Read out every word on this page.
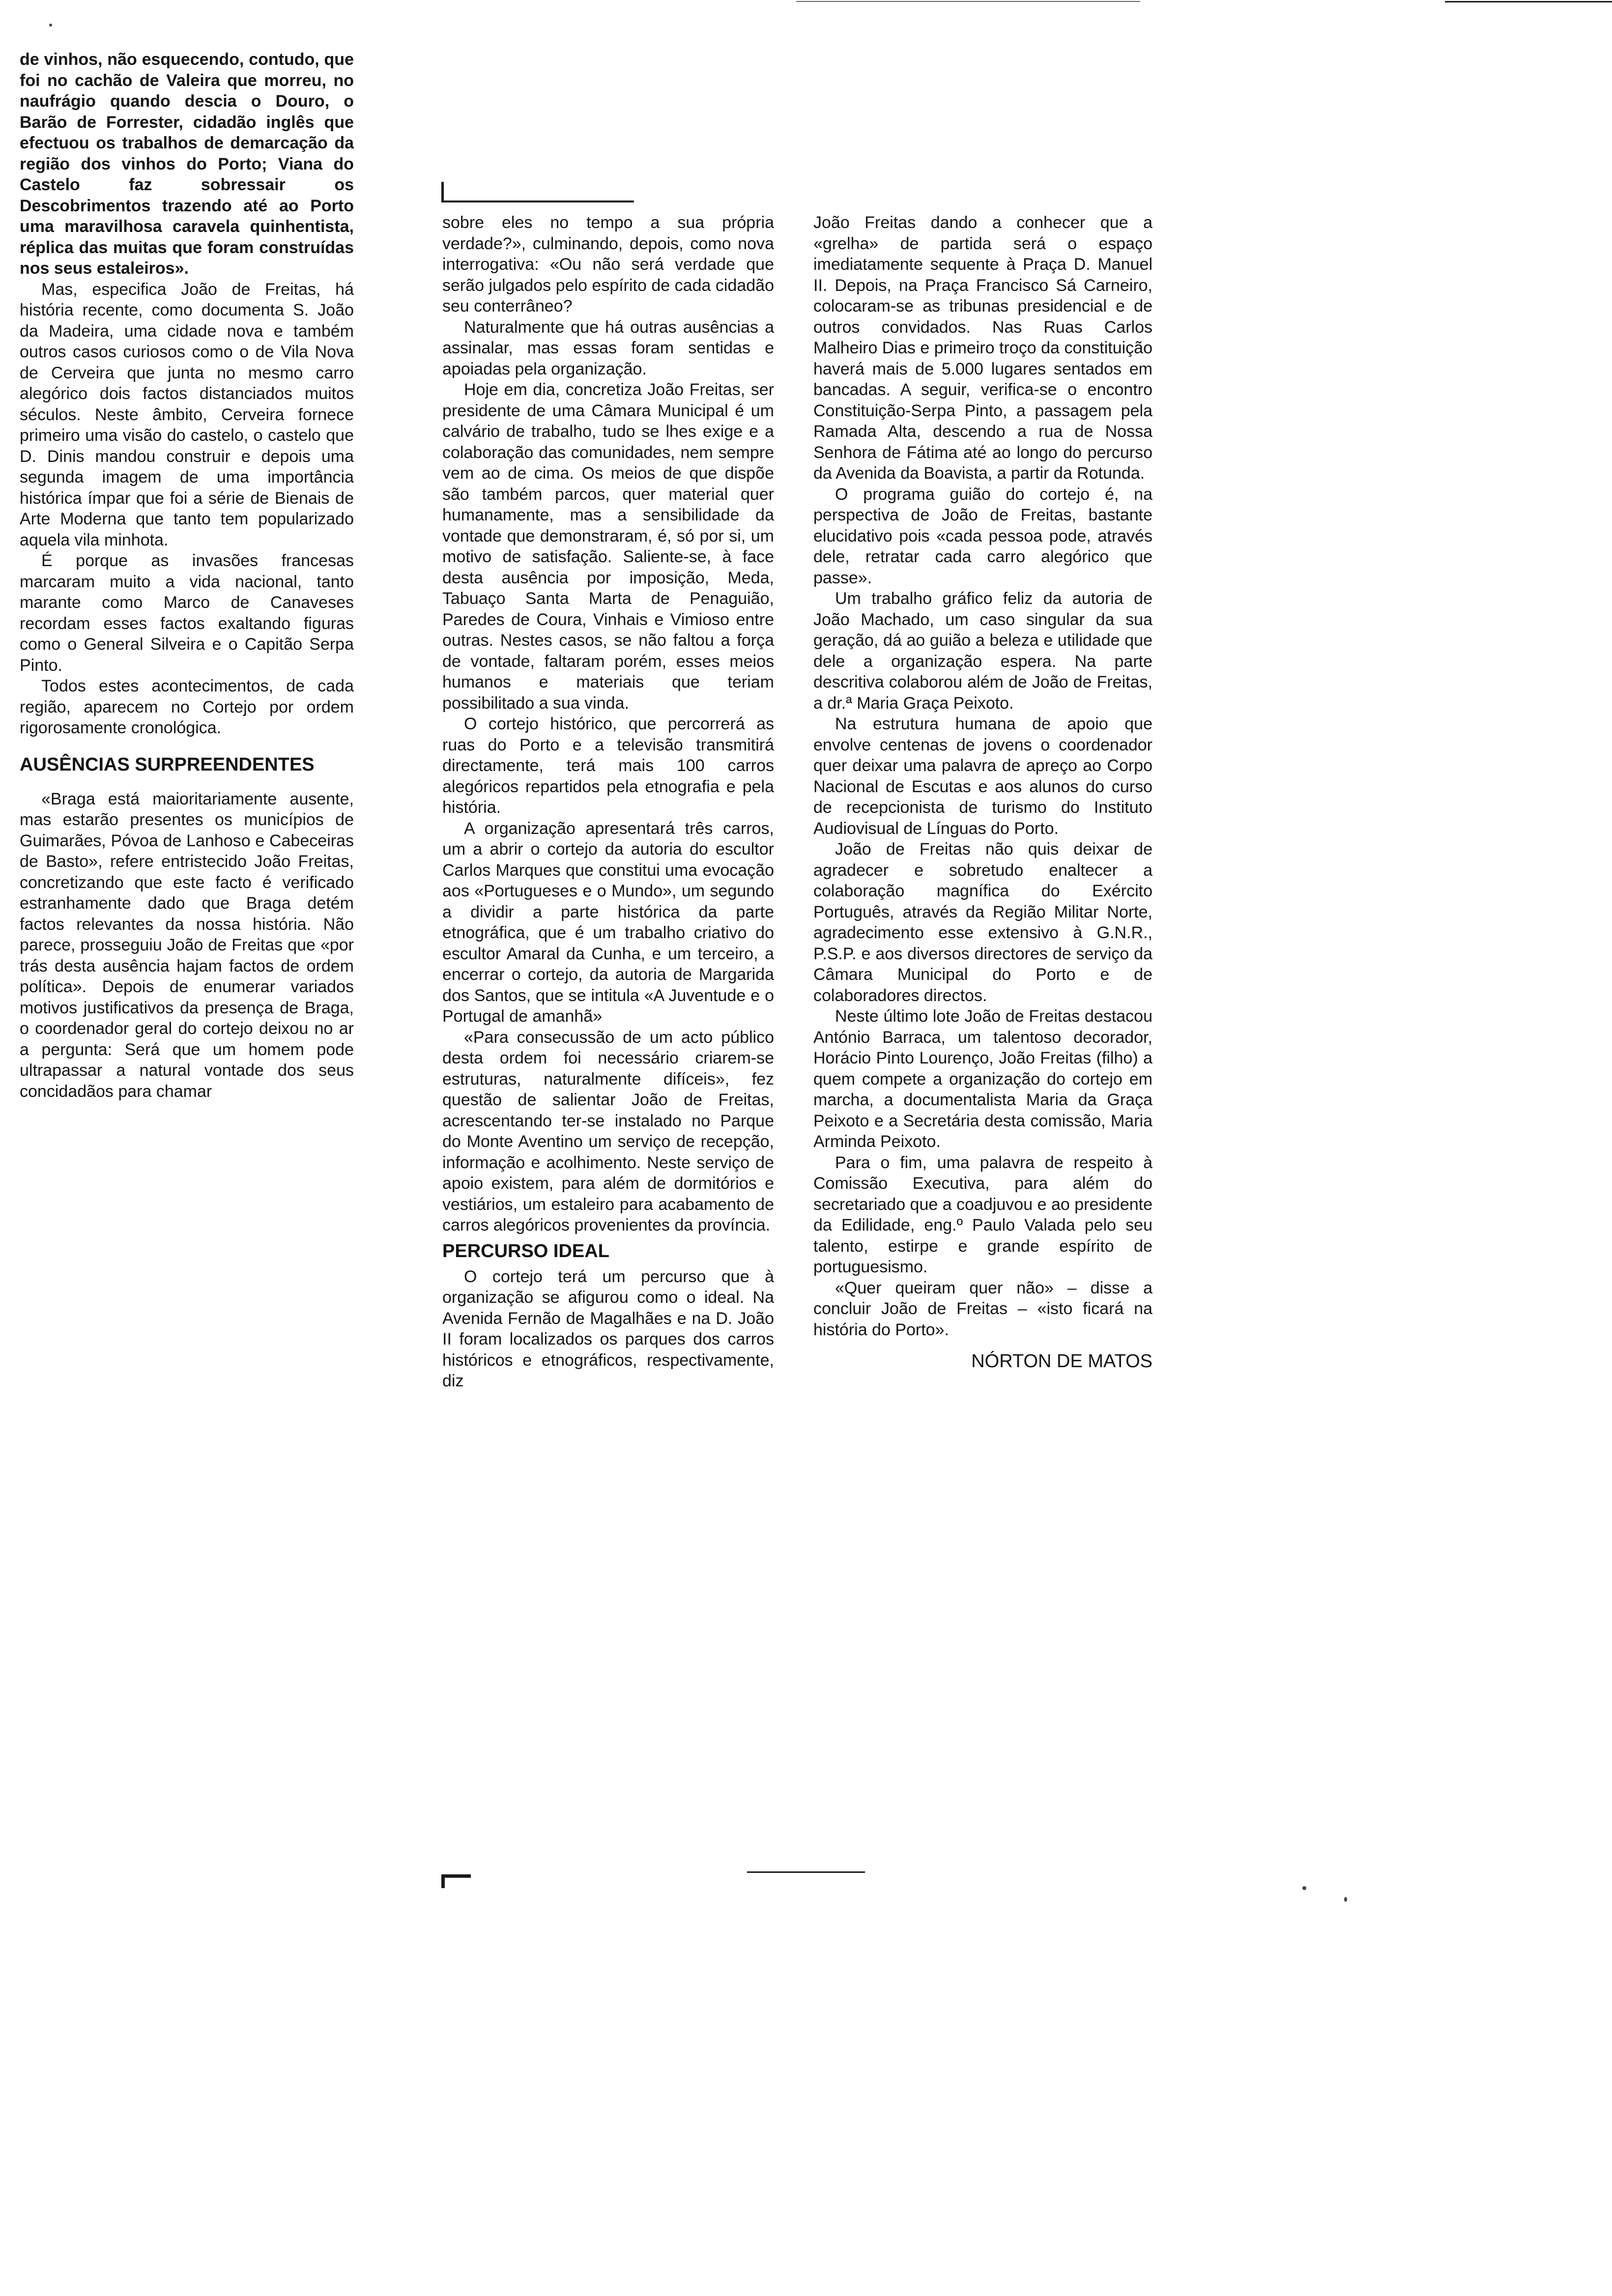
de vinhos, não esquecendo, contudo, que foi no cachão de Valeira que morreu, no naufrágio quando descia o Douro, o Barão de Forrester, cidadão inglês que efectuou os trabalhos de demarcação da região dos vinhos do Porto; Viana do Castelo faz sobressair os Descobrimentos trazendo até ao Porto uma maravilhosa caravela quinhentista, réplica das muitas que foram construídas nos seus estaleiros».

Mas, especifica João de Freitas, há história recente, como documenta S. João da Madeira, uma cidade nova e também outros casos curiosos como o de Vila Nova de Cerveira que junta no mesmo carro alegórico dois factos distanciados muitos séculos. Neste âmbito, Cerveira fornece primeiro uma visão do castelo, o castelo que D. Dinis mandou construir e depois uma segunda imagem de uma importância histórica ímpar que foi a série de Bienais de Arte Moderna que tanto tem popularizado aquela vila minhota.

É porque as invasões francesas marcaram muito a vida nacional, tanto marante como Marco de Canaveses recordam esses factos exaltando figuras como o General Silveira e o Capitão Serpa Pinto.

Todos estes acontecimentos, de cada região, aparecem no Cortejo por ordem rigorosamente cronológica.

AUSÊNCIAS SURPREENDENTES

«Braga está maioritariamente ausente, mas estarão presentes os municípios de Guimarães, Póvoa de Lanhoso e Cabeceiras de Basto», refere entristecido João Freitas, concretizando que este facto é verificado estranhamente dado que Braga detém factos relevantes da nossa história. Não parece, prosseguiu João de Freitas que «por trás desta ausência hajam factos de ordem política». Depois de enumerar variados motivos justificativos da presença de Braga, o coordenador geral do cortejo deixou no ar a pergunta: Será que um homem pode ultrapassar a natural vontade dos seus concidadãos para chamar

sobre eles no tempo a sua própria verdade?», culminando, depois, como nova interrogativa: «Ou não será verdade que serão julgados pelo espírito de cada cidadão seu conterrâneo?

Naturalmente que há outras ausências a assinalar, mas essas foram sentidas e apoiadas pela organização.

Hoje em dia, concretiza João Freitas, ser presidente de uma Câmara Municipal é um calvário de trabalho, tudo se lhes exige e a colaboração das comunidades, nem sempre vem ao de cima. Os meios de que dispõe são também parcos, quer material quer humanamente, mas a sensibilidade da vontade que demonstraram, é, só por si, um motivo de satisfação. Saliente-se, à face desta ausência por imposição, Meda, Tabuaço Santa Marta de Penaguião, Paredes de Coura, Vinhais e Vimioso entre outras. Nestes casos, se não faltou a força de vontade, faltaram porém, esses meios humanos e materiais que teriam possibilitado a sua vinda.

O cortejo histórico, que percorrerá as ruas do Porto e a televisão transmitirá directamente, terá mais 100 carros alegóricos repartidos pela etnografia e pela história.

A organização apresentará três carros, um a abrir o cortejo da autoria do escultor Carlos Marques que constitui uma evocação aos «Portugueses e o Mundo», um segundo a dividir a parte histórica da parte etnográfica, que é um trabalho criativo do escultor Amaral da Cunha, e um terceiro, a encerrar o cortejo, da autoria de Margarida dos Santos, que se intitula «A Juventude e o Portugal de amanhã»

«Para consecussão de um acto público desta ordem foi necessário criarem-se estruturas, naturalmente difíceis», fez questão de salientar João de Freitas, acrescentando ter-se instalado no Parque do Monte Aventino um serviço de recepção, informação e acolhimento. Neste serviço de apoio existem, para além de dormitórios e vestiários, um estaleiro para acabamento de carros alegóricos provenientes da província.

PERCURSO IDEAL

O cortejo terá um percurso que à organização se afigurou como o ideal. Na Avenida Fernão de Magalhães e na D. João II foram localizados os parques dos carros históricos e etnográficos, respectivamente, diz

João Freitas dando a conhecer que a «grelha» de partida será o espaço imediatamente sequente à Praça D. Manuel II. Depois, na Praça Francisco Sá Carneiro, colocaram-se as tribunas presidencial e de outros convidados. Nas Ruas Carlos Malheiro Dias e primeiro troço da constituição haverá mais de 5.000 lugares sentados em bancadas. A seguir, verifica-se o encontro Constituição-Serpa Pinto, a passagem pela Ramada Alta, descendo a rua de Nossa Senhora de Fátima até ao longo do percurso da Avenida da Boavista, a partir da Rotunda.

O programa guião do cortejo é, na perspectiva de João de Freitas, bastante elucidativo pois «cada pessoa pode, através dele, retratar cada carro alegórico que passe».

Um trabalho gráfico feliz da autoria de João Machado, um caso singular da sua geração, dá ao guião a beleza e utilidade que dele a organização espera. Na parte descritiva colaborou além de João de Freitas, a dr.ª Maria Graça Peixoto.

Na estrutura humana de apoio que envolve centenas de jovens o coordenador quer deixar uma palavra de apreço ao Corpo Nacional de Escutas e aos alunos do curso de recepcionista de turismo do Instituto Audiovisual de Línguas do Porto.

João de Freitas não quis deixar de agradecer e sobretudo enaltecer a colaboração magnífica do Exército Português, através da Região Militar Norte, agradecimento esse extensivo à G.N.R., P.S.P. e aos diversos directores de serviço da Câmara Municipal do Porto e de colaboradores directos.

Neste último lote João de Freitas destacou António Barraca, um talentoso decorador, Horácio Pinto Lourenço, João Freitas (filho) a quem compete a organização do cortejo em marcha, a documentalista Maria da Graça Peixoto e a Secretária desta comissão, Maria Arminda Peixoto.

Para o fim, uma palavra de respeito à Comissão Executiva, para além do secretariado que a coadjuvou e ao presidente da Edilidade, eng.º Paulo Valada pelo seu talento, estirpe e grande espírito de portuguesismo.

«Quer queiram quer não» – disse a concluir João de Freitas – «isto ficará na história do Porto».

NÓRTON DE MATOS
